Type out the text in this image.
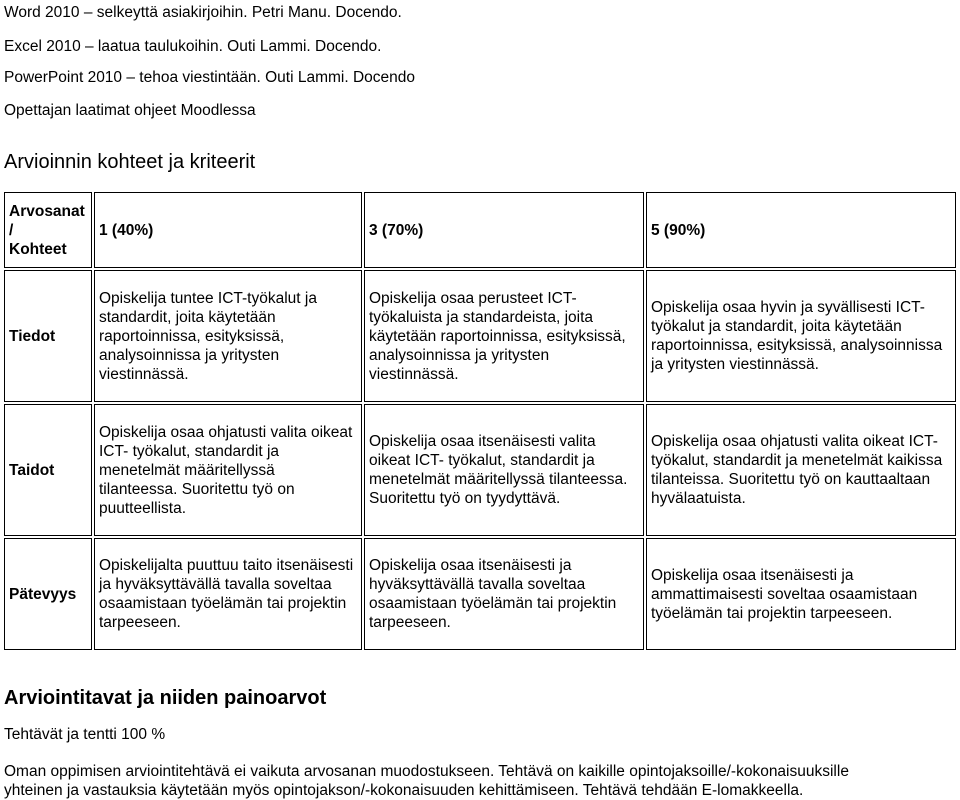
Word 2010 – selkeyttä asiakirjoihin. Petri Manu. Docendo.
Excel 2010 – laatua taulukoihin. Outi Lammi. Docendo.
PowerPoint 2010 – tehoa viestintään. Outi Lammi. Docendo
Opettajan laatimat ohjeet Moodlessa
Arvioinnin kohteet ja kriteerit
Arvosanat/
Kohteet	1 (40%)	3 (70%)	5 (90%)
Tiedot	Opiskelija tuntee ICT-työkalut ja standardit, joita käytetään raportoinnissa, esityksissä, analysoinnissa ja yritysten viestinnässä.	Opiskelija osaa perusteet ICT-työkaluista ja standardeista, joita käytetään raportoinnissa, esityksissä, analysoinnissa ja yritysten viestinnässä.	Opiskelija osaa hyvin ja syvällisesti ICT-työkalut ja standardit, joita käytetään raportoinnissa, esityksissä, analysoinnissa ja yritysten viestinnässä.
Taidot	Opiskelija osaa ohjatusti valita oikeat ICT- työkalut, standardit ja menetelmät määritellyssä tilanteessa. Suoritettu työ on puutteellista.	Opiskelija osaa itsenäisesti valita oikeat ICT- työkalut, standardit ja menetelmät määritellyssä tilanteessa. Suoritettu työ on tyydyttävä.	Opiskelija osaa ohjatusti valita oikeat ICT- työkalut, standardit ja menetelmät kaikissa tilanteissa. Suoritettu työ on kauttaaltaan hyvälaatuista.
Pätevyys	Opiskelijalta puuttuu taito itsenäisesti ja hyväksyttävällä tavalla soveltaa osaamistaan työelämän tai projektin tarpeeseen.	Opiskelija osaa itsenäisesti ja hyväksyttävällä tavalla soveltaa osaamistaan työelämän tai projektin tarpeeseen.	Opiskelija osaa itsenäisesti ja ammattimaisesti soveltaa osaamistaan työelämän tai projektin tarpeeseen.
Arviointitavat ja niiden painoarvot
Tehtävät ja tentti 100 %
Oman oppimisen arviointitehtävä ei vaikuta arvosanan muodostukseen. Tehtävä on kaikille opintojaksoille/-kokonaisuuksille
yhteinen ja vastauksia käytetään myös opintojakson/-kokonaisuuden kehittämiseen. Tehtävä tehdään E-lomakkeella.
